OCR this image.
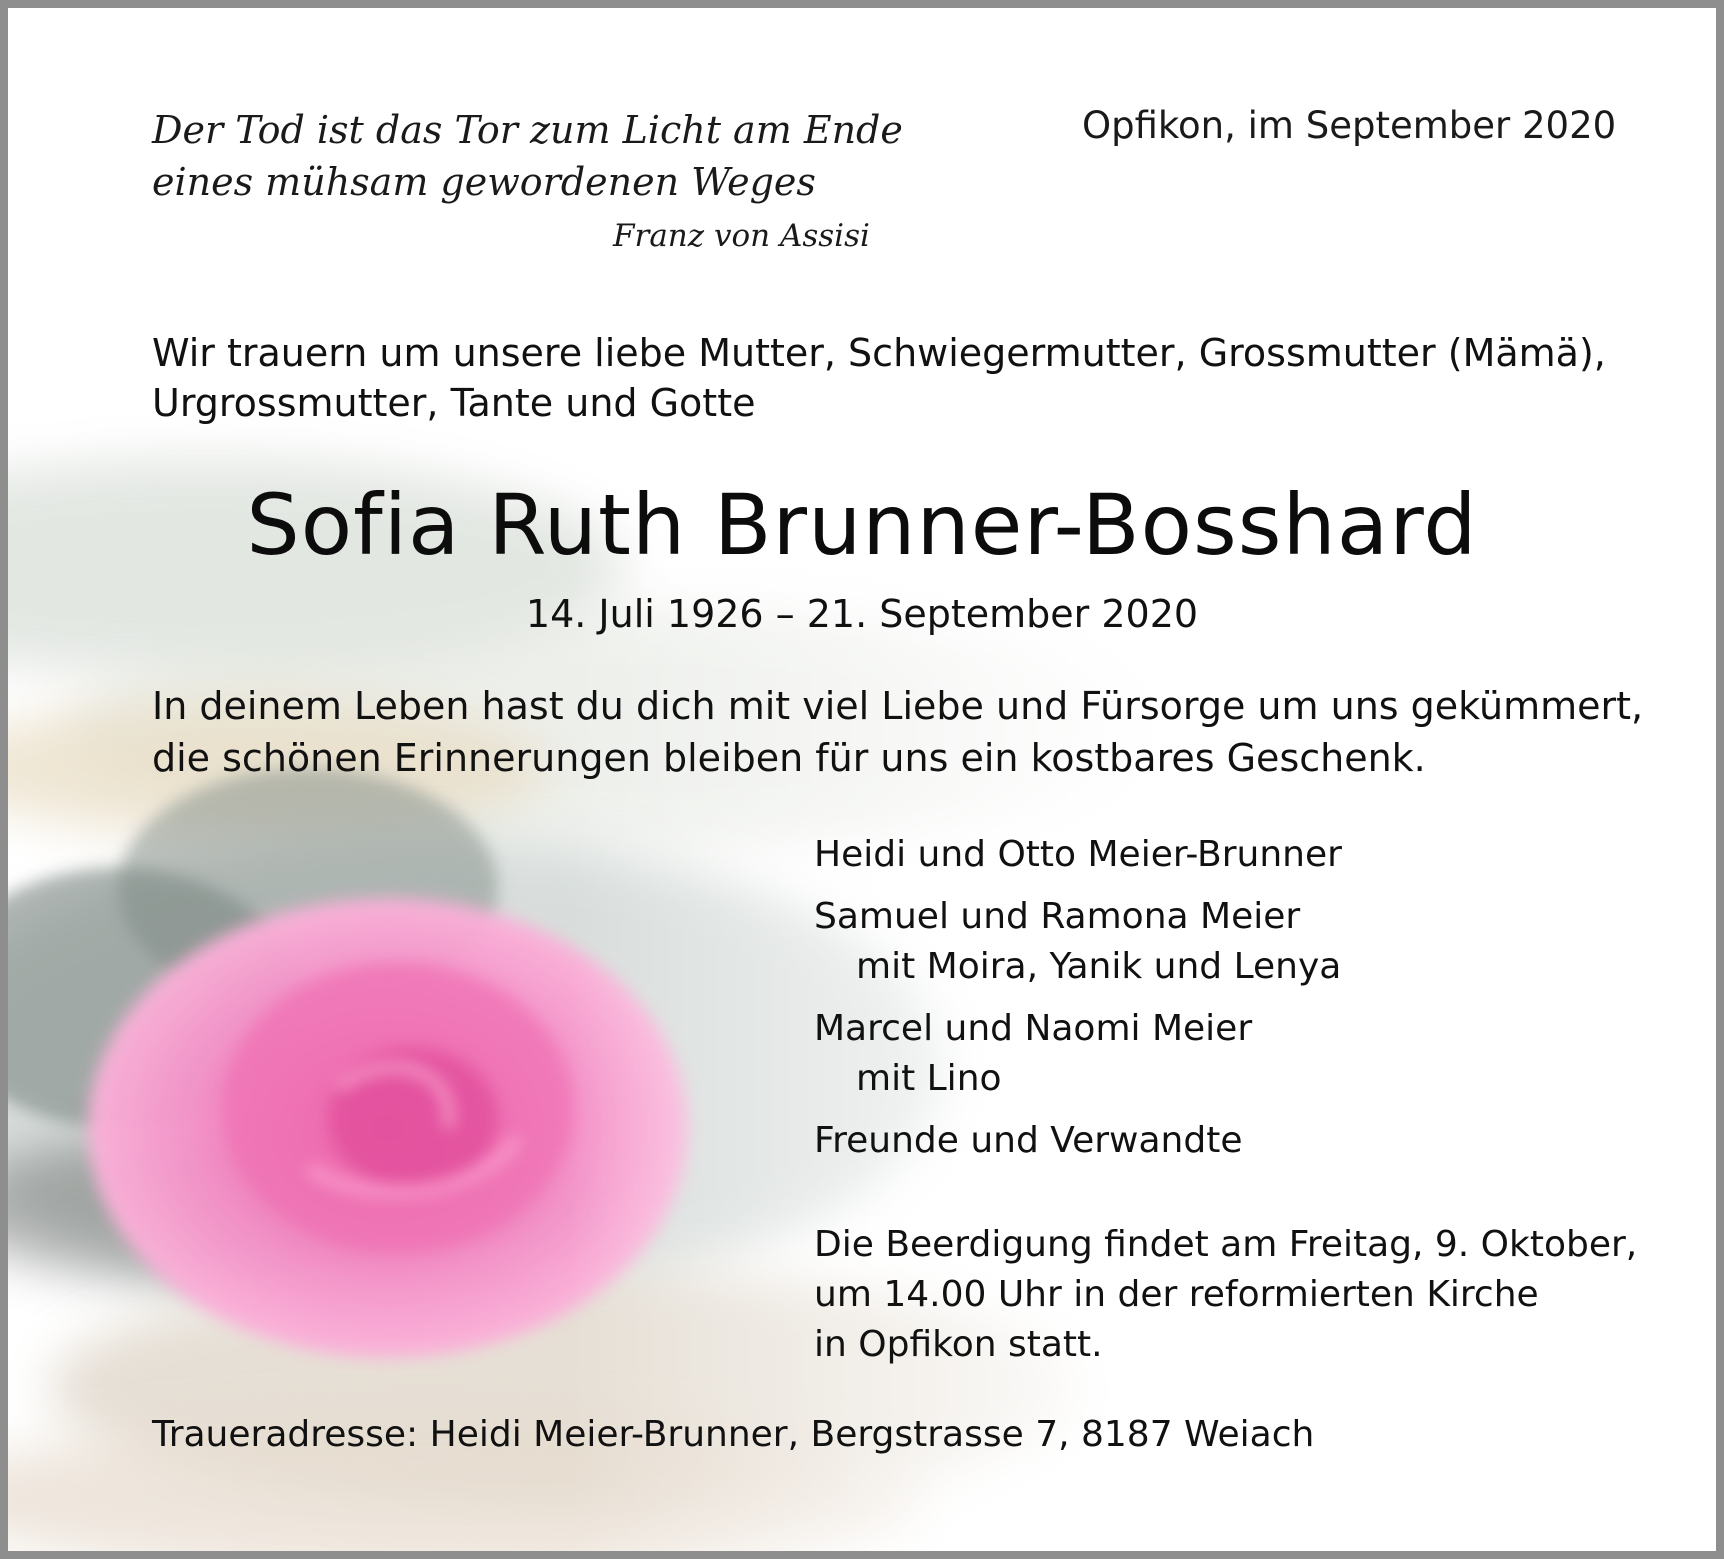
Der Tod ist das Tor zum Licht am Ende
eines mühsam gewordenen Weges
Franz von Assisi
Opfikon, im September 2020
Wir trauern um unsere liebe Mutter, Schwiegermutter, Grossmutter (Mämä),
Urgrossmutter, Tante und Gotte
Sofia Ruth Brunner-Bosshard
14. Juli 1926 – 21. September 2020
In deinem Leben hast du dich mit viel Liebe und Fürsorge um uns gekümmert,
die schönen Erinnerungen bleiben für uns ein kostbares Geschenk.
Heidi und Otto Meier-Brunner
Samuel und Ramona Meier
mit Moira, Yanik und Lenya
Marcel und Naomi Meier
mit Lino
Freunde und Verwandte
Die Beerdigung findet am Freitag, 9. Oktober,
um 14.00 Uhr in der reformierten Kirche
in Opfikon statt.
Traueradresse: Heidi Meier-Brunner, Bergstrasse 7, 8187 Weiach
